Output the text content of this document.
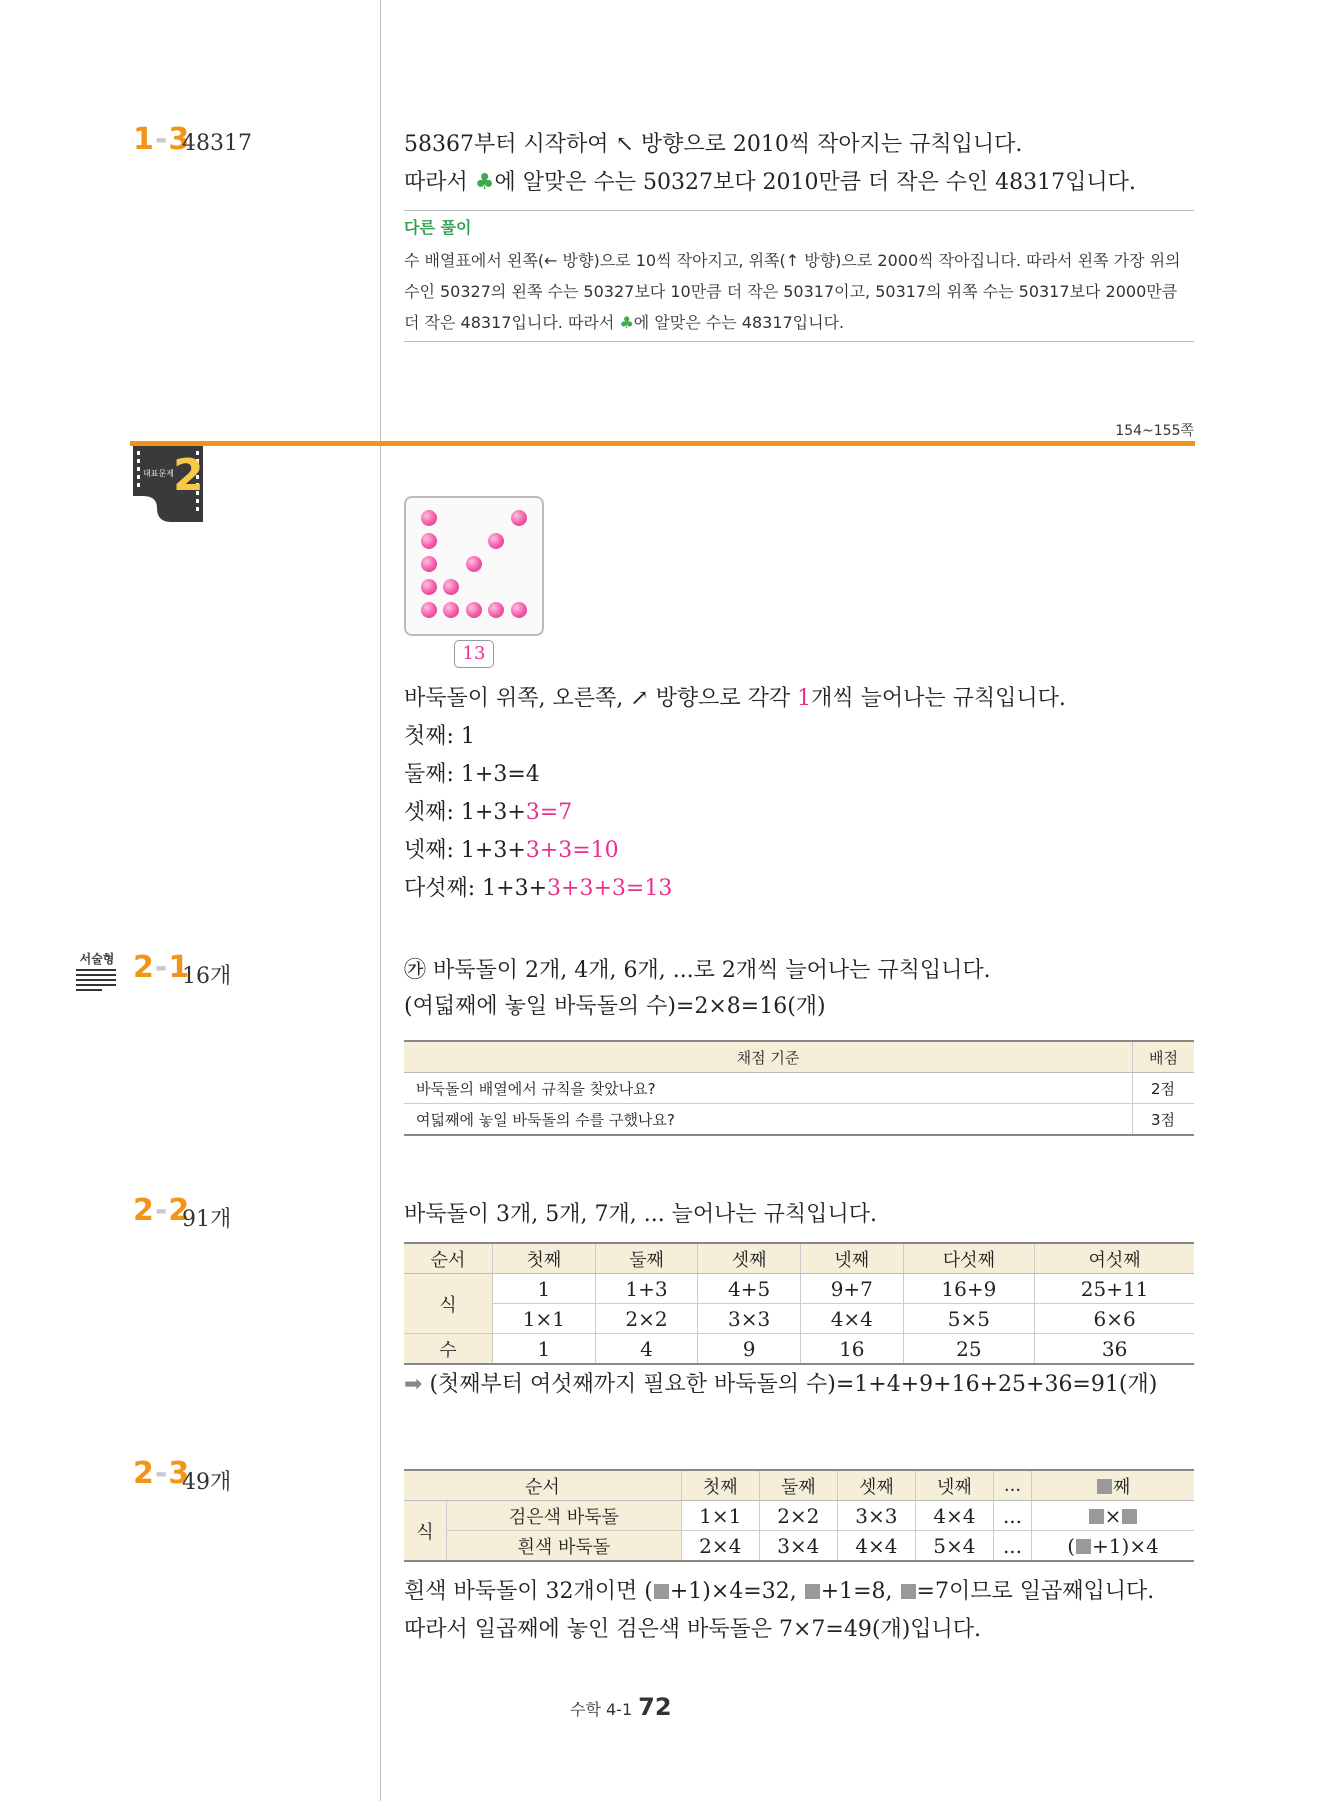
1-3
48317	58367부터 시작하여 ↖ 방향으로 2010씩 작아지는 규칙입니다.
따라서 ♣에 알맞은 수는 50327보다 2010만큼 더 작은 수인 48317입니다.
다른 풀이
수 배열표에서 왼쪽(← 방향)으로 10씩 작아지고, 위쪽(↑ 방향)으로 2000씩 작아집니다. 따라서 왼쪽 가장 위의 수인 50327의 왼쪽 수는 50327보다 10만큼 더 작은 50317이고, 50317의 위쪽 수는 50317보다 2000만큼 더 작은 48317입니다. 따라서 ♣에 알맞은 수는 48317입니다.
154~155쪽
대표문제 2
13
바둑돌이 위쪽, 오른쪽, ↗ 방향으로 각각 1개씩 늘어나는 규칙입니다.
첫째: 1
둘째: 1+3=4
셋째: 1+3+3=7
넷째: 1+3+3+3=10
다섯째: 1+3+3+3+3=13
서술형 2-1
16개	㉮ 바둑돌이 2개, 4개, 6개, ...로 2개씩 늘어나는 규칙입니다.
(여덟째에 놓일 바둑돌의 수)=2×8=16(개)
채점 기준	배점
바둑돌의 배열에서 규칙을 찾았나요?	2점
여덟째에 놓일 바둑돌의 수를 구했나요?	3점
2-2
91개	바둑돌이 3개, 5개, 7개, ... 늘어나는 규칙입니다.
순서	첫째	둘째	셋째	넷째	다섯째	여섯째
식	1	1+3	4+5	9+7	16+9	25+11
	1×1	2×2	3×3	4×4	5×5	6×6
수	1	4	9	16	25	36
➡ (첫째부터 여섯째까지 필요한 바둑돌의 수)=1+4+9+16+25+36=91(개)
2-3
49개	순서		첫째	둘째	셋째	넷째	...	째
식	검은색 바둑돌	1×1	2×2	3×3	4×4	...	×
	흰색 바둑돌	2×4	3×4	4×4	5×4	...	( +1)×4
흰색 바둑돌이 32개이면 ( +1)×4=32, +1=8, =7이므로 일곱째입니다.
따라서 일곱째에 놓인 검은색 바둑돌은 7×7=49(개)입니다.
수학 4-1 72
